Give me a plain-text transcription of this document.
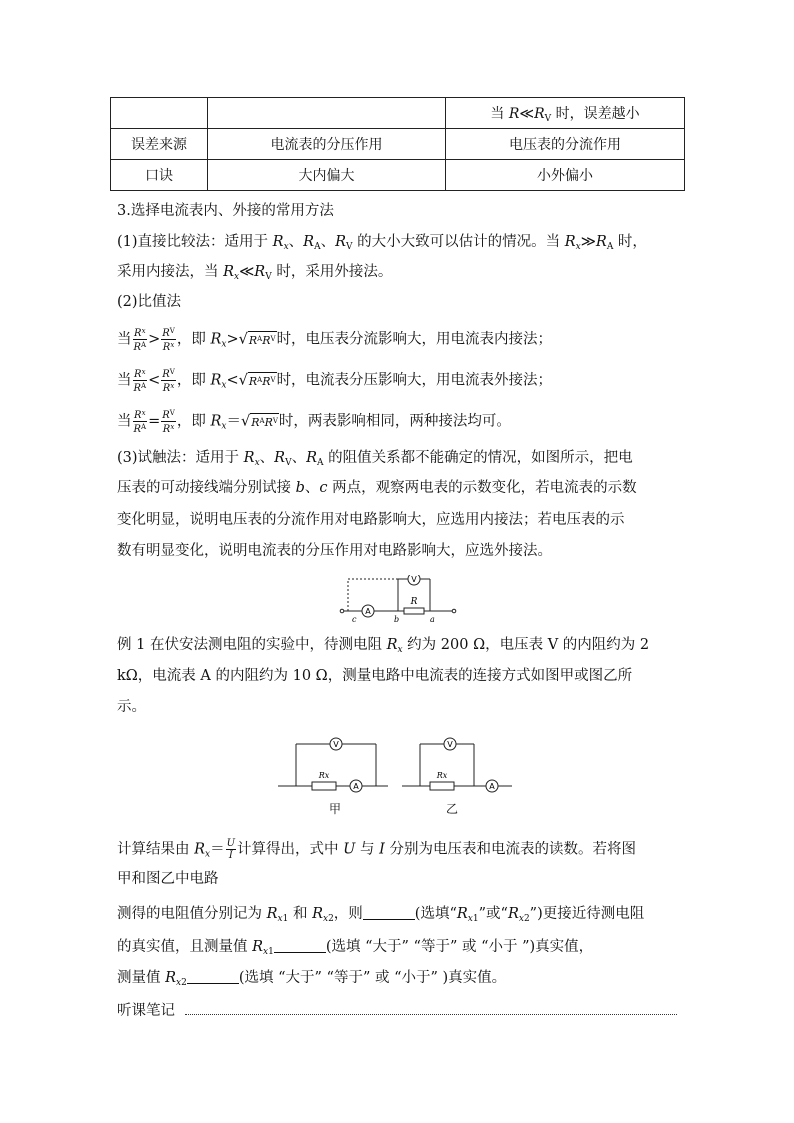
		当 $R≪R_V$ 时，误差越小
误差来源	电流表的分压作用	电压表的分流作用
口诀	大内偏大	小外偏小
3.选择电流表内、外接的常用方法
(1)直接比较法：适用于 $R_x$、$R_A$、$R_V$ 的大小大致可以估计的情况。当 $R_x≫R_A$ 时，
采用内接法，当 $R_x≪R_V$ 时，采用外接法。
(2)比值法
当 $\frac{R^x}{R^A} > \frac{R^V}{R^x}$ ，即 $R_x>√R^AR^V$时，电压表分流影响大，用电流表内接法；
当 $\frac{R^x}{R^A} < \frac{R^V}{R^x}$ ，即 $R_x<√R^AR^V$时，电流表分压影响大，用电流表外接法；
当 $\frac{R^x}{R^A} = \frac{R^V}{R^x}$ ，即 $R_x=√R^AR^V$时，两表影响相同，两种接法均可。
(3)试触法：适用于 $R_x$、$R_V$、$R_A$ 的阻值关系都不能确定的情况，如图所示，把电
压表的可动接线端分别试接 b、c 两点，观察两电表的示数变化，若电流表的示数
变化明显，说明电压表的分流作用对电路影响大，应选用内接法；若电压表的示
数有明显变化，说明电流表的分压作用对电路影响大，应选外接法。
A
V
R
c	b	a
例 1 在伏安法测电阻的实验中，待测电阻 $R_x$ 约为 200 Ω，电压表 V 的内阻约为 2
kΩ，电流表 A 的内阻约为 10 Ω，测量电路中电流表的连接方式如图甲或图乙所
示。
V
A
Rx
甲
V
A
Rx
乙
计算结果由 $R_x= \frac{U}{I}$ 计算得出，式中 U 与 I 分别为电压表和电流表的读数。若将图
甲和图乙中电路
测得的电阻值分别记为 $R_{x1}$ 和 $R_{x2}$，则	(选填“$R_{x1}$”或“$R_{x2}$”)更接近待测电阻
的真实值，且测量值 $R_{x1}$	(选填 “大于” “等于” 或 “小于 ”)真实值，
测量值 $R_{x2}$	(选填 “大于” “等于” 或 “小于” )真实值。
听课笔记
